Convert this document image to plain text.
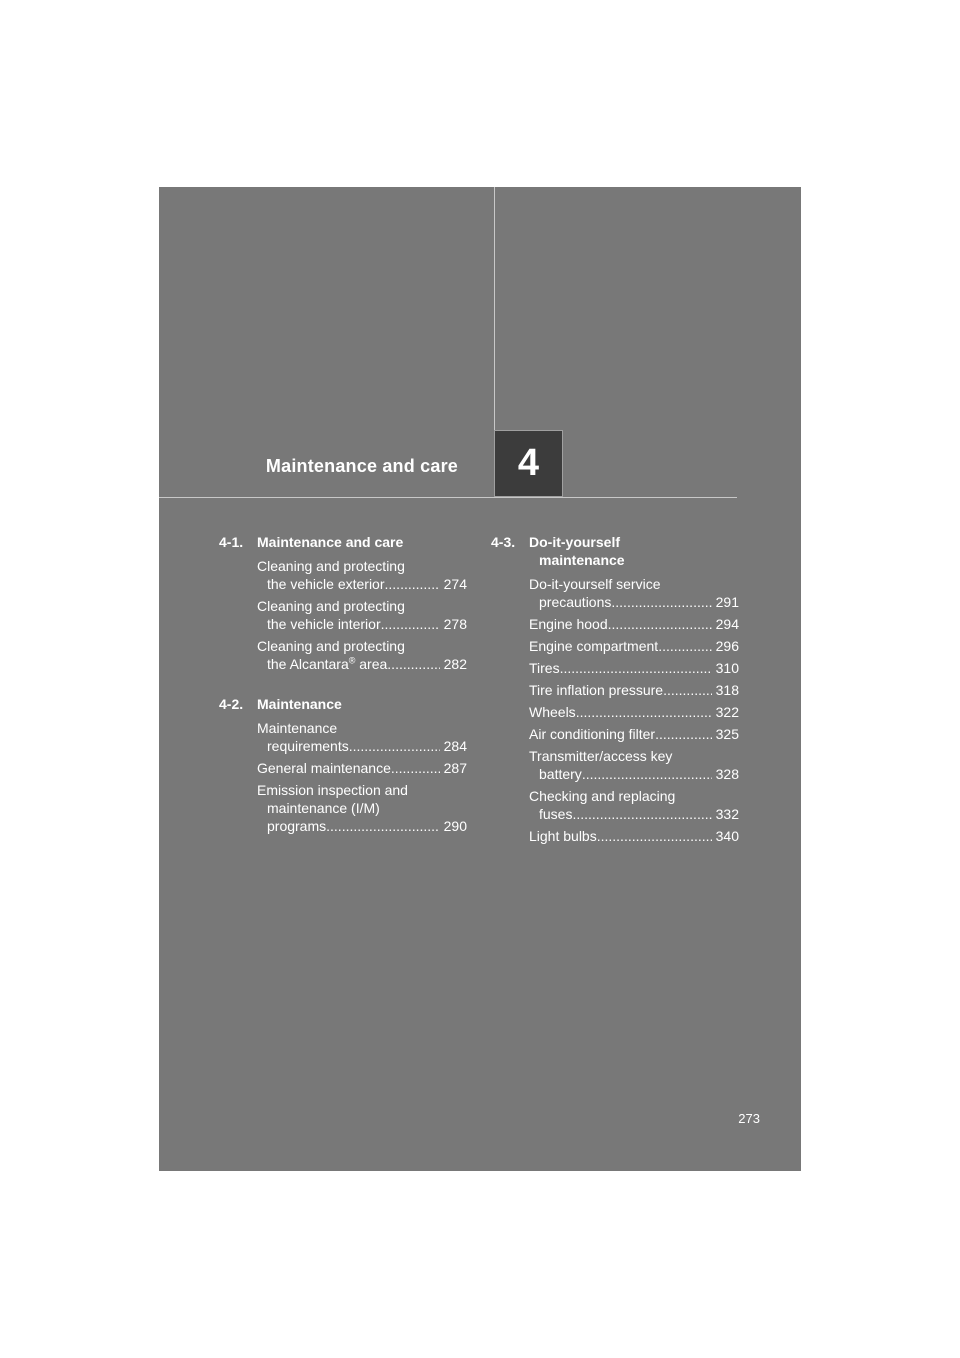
Maintenance and care 4
4-1. Maintenance and care
Cleaning and protecting
the vehicle exterior .....	274
Cleaning and protecting
the vehicle interior .....	278
Cleaning and protecting
the Alcantara® area .....	282
4-2. Maintenance
Maintenance
requirements .....	284
General maintenance .....	287
Emission inspection and
maintenance (I/M)
programs .....	290
4-3. Do-it-yourself
maintenance
Do-it-yourself service
precautions .....	291
Engine hood .....	294
Engine compartment .....	296
Tires .....	310
Tire inflation pressure .....	318
Wheels .....	322
Air conditioning filter .....	325
Transmitter/access key
battery .....	328
Checking and replacing
fuses .....	332
Light bulbs .....	340
273
